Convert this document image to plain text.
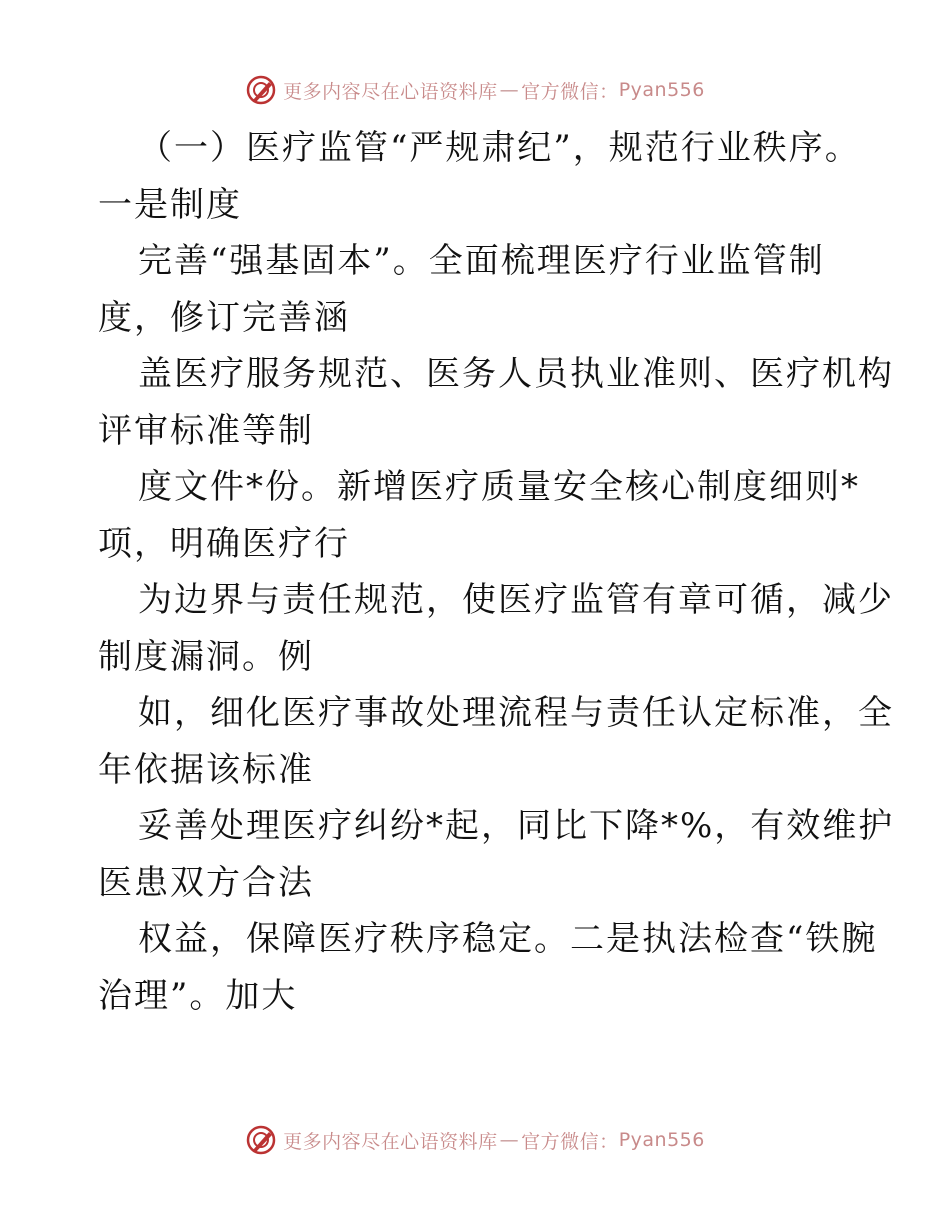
更多内容尽在心语资料库 — 官方微信： Pyan556
（一）医疗监管“严规肃纪”，规范行业秩序。
一是制度
完善“强基固本”。全面梳理医疗行业监管制
度，修订完善涵
盖医疗服务规范、医务人员执业准则、医疗机构
评审标准等制
度文件*份。新增医疗质量安全核心制度细则*
项，明确医疗行
为边界与责任规范，使医疗监管有章可循，减少
制度漏洞。例
如，细化医疗事故处理流程与责任认定标准，全
年依据该标准
妥善处理医疗纠纷*起，同比下降*%，有效维护
医患双方合法
权益，保障医疗秩序稳定。二是执法检查“铁腕
治理”。加大
更多内容尽在心语资料库 — 官方微信： Pyan556
